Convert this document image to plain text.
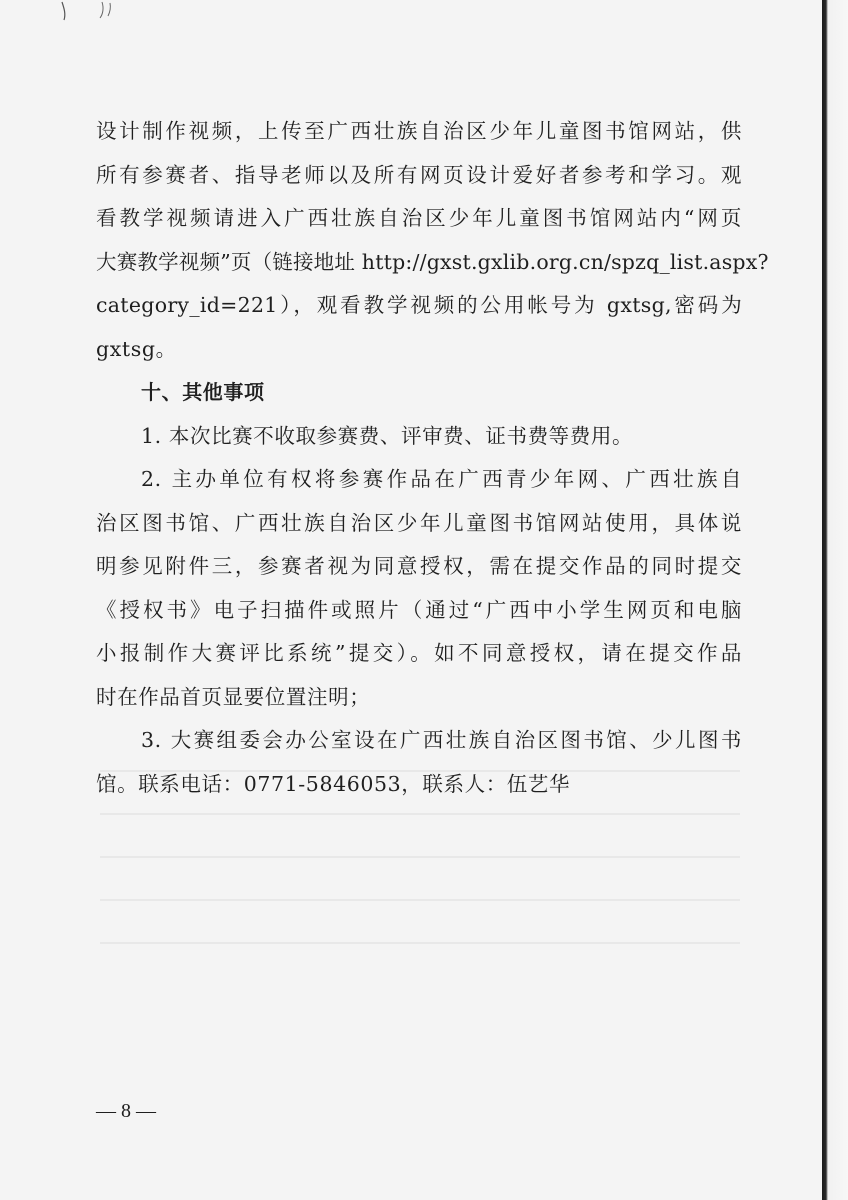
设计制作视频，上传至广西壮族自治区少年儿童图书馆网站，供
所有参赛者、指导老师以及所有网页设计爱好者参考和学习。观
看教学视频请进入广西壮族自治区少年儿童图书馆网站内“网页
大赛教学视频”页（链接地址 http://gxst.gxlib.org.cn/spzq_list.aspx?
category_id=221），观看教学视频的公用帐号为 gxtsg,密码为
gxtsg。
十、其他事项
1. 本次比赛不收取参赛费、评审费、证书费等费用。
2. 主办单位有权将参赛作品在广西青少年网、广西壮族自
治区图书馆、广西壮族自治区少年儿童图书馆网站使用，具体说
明参见附件三，参赛者视为同意授权，需在提交作品的同时提交
《授权书》电子扫描件或照片（通过“广西中小学生网页和电脑
小报制作大赛评比系统”提交）。如不同意授权，请在提交作品
时在作品首页显要位置注明；
3. 大赛组委会办公室设在广西壮族自治区图书馆、少儿图书
馆。联系电话：0771-5846053，联系人：伍艺华
— 8 —
